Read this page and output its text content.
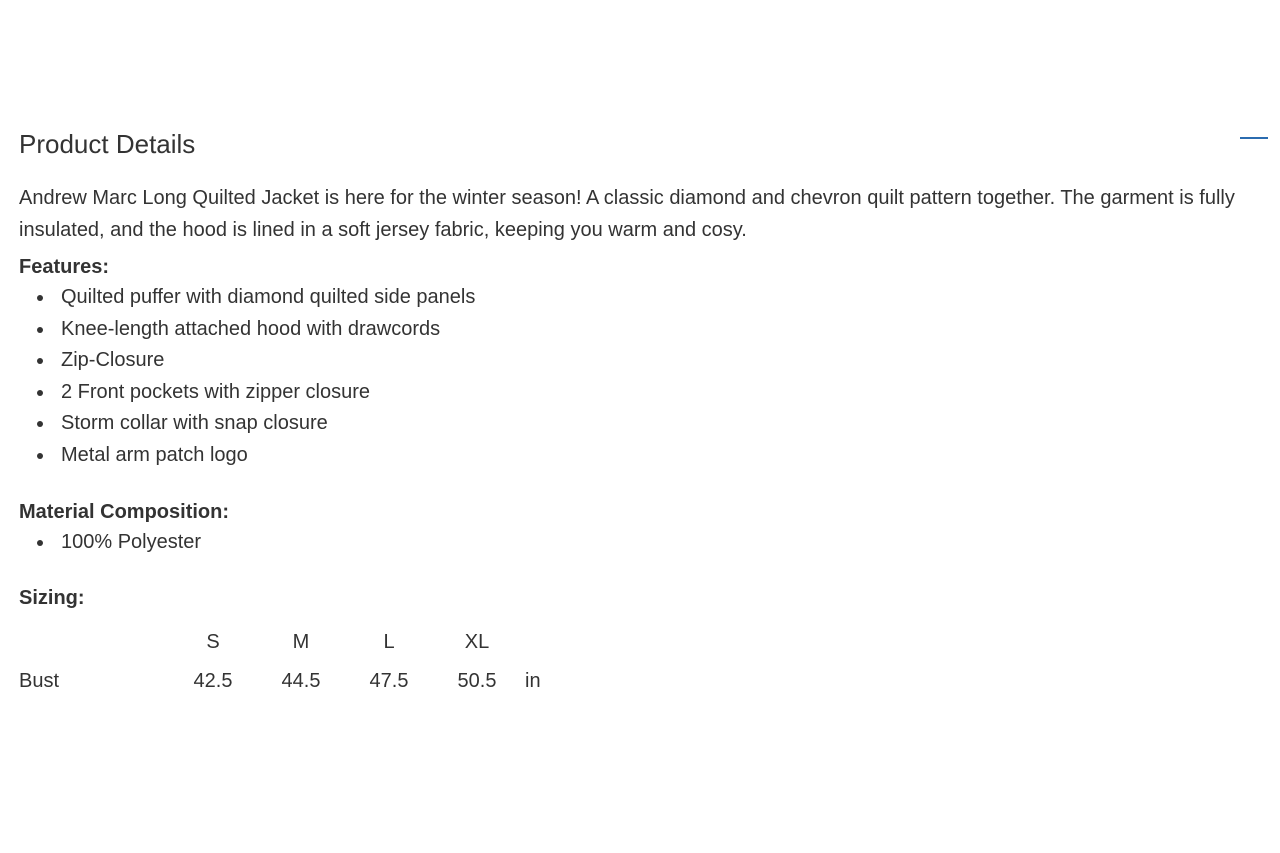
Product Details

Andrew Marc Long Quilted Jacket is here for the winter season! A classic diamond and chevron quilt pattern together. The garment is fully insulated, and the hood is lined in a soft jersey fabric, keeping you warm and cosy.

Features:

Quilted puffer with diamond quilted side panels
Knee-length attached hood with drawcords
Zip-Closure
2 Front pockets with zipper closure
Storm collar with snap closure
Metal arm patch logo

Material Composition:

100% Polyester

Sizing:

	S	M	L	XL	
Bust	42.5	44.5	47.5	50.5	in
